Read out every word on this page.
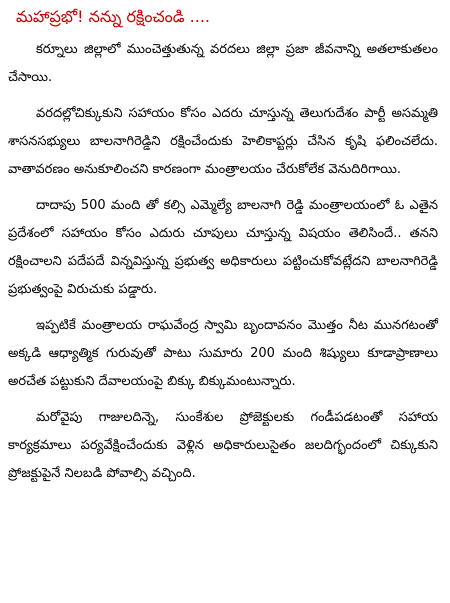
మహాప్రభో! నన్ను రక్షించండి ....

కర్నూలు జిల్లాలో ముంచెత్తుతున్న వరదలు జిల్లా ప్రజా జీవనాన్ని అతలాకుతలం చేసాయి.

వరదల్లోచిక్కుకుని సహాయం కోసం ఎదరు చూస్తున్న తెలుగుదేశం పార్టీ అసమ్మతి శాసనసభ్యులు బాలనాగిరెడ్డిని రక్షించేందుకు హెలికాప్టర్లు చేసిన కృషి ఫలించలేదు. వాతావరణం అనుకూలించని కారణంగా మంత్రాలయం చేరుకోలేక వెనుదిరిగాయి.

దాదాపు 500 మంది తో కల్సి ఎమ్మెల్యే బాలనాగి రెడ్డి మంత్రాలయంలో ఓ ఎతైన ప్రదేశంలో సహాయం కోసం ఎదురు చూపులు చూస్తున్న విషయం తెలిసిందే.. తనని రక్షించాలని పదేపదే విన్నవిస్తున్న ప్రభుత్వ అధికారులు పట్టించుకోవట్లేదని బాలనాగిరెడ్డి ప్రభుత్వంపై విరుచుకు పడ్డారు.

ఇప్పటికే మంత్రాలయ రాఘవేంద్ర స్వామి బృందావనం మొత్తం నీట మునగటంతో అక్కడి ఆధ్యాత్మిక గురువుతో పాటు సుమారు 200 మంది శిష్యులు కూడాప్రాణాలు అరచేత పట్టుకుని దేవాలయంపై బిక్కు బిక్కుమంటున్నారు.

మరోవైపు గాజులదిన్నె, సుంకేశుల ప్రోజెక్టులకు గండీపడటంతో సహాయ కార్యక్రమాలు పర్యవేక్షించేందుకు వెళ్లిన అధికారులుసైతం జలదిగ్భందంలో చిక్కుకుని ప్రోజక్టుపైనే నిలబడి పోవాల్సి వచ్చింది.
